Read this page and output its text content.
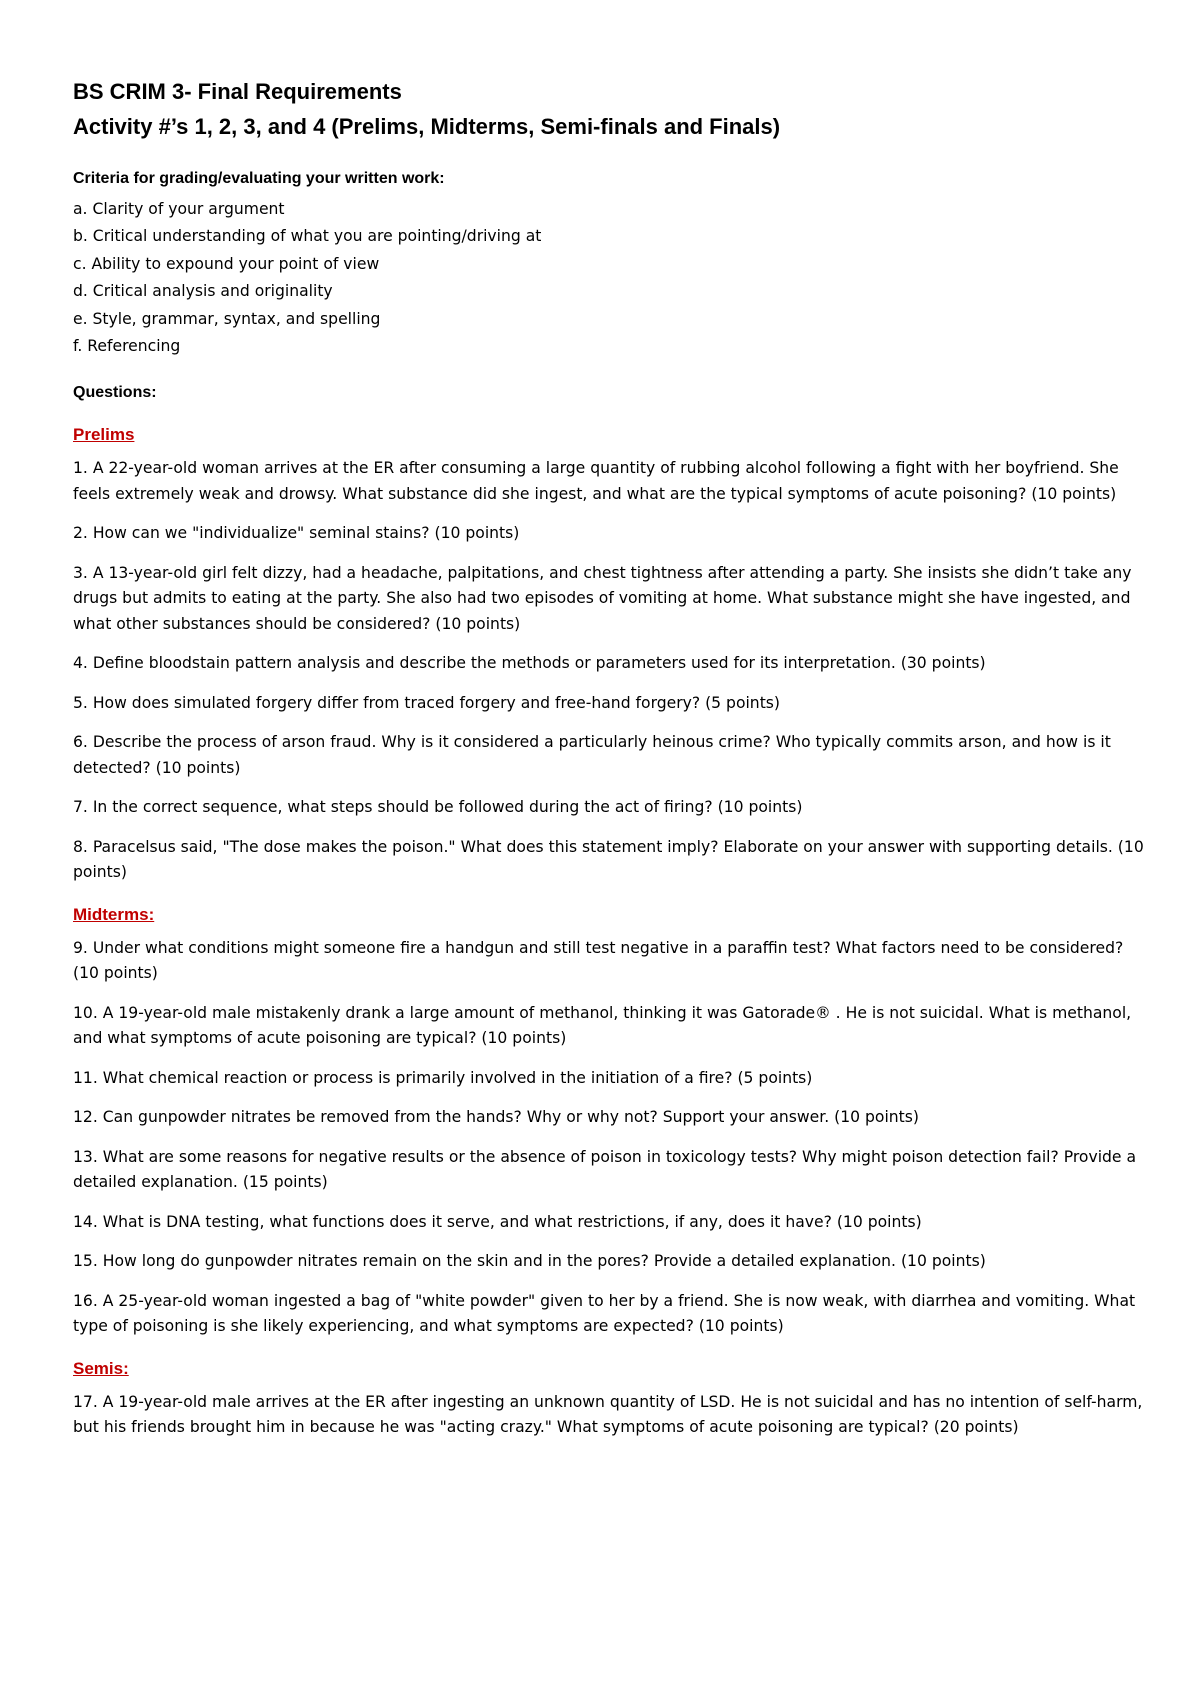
BS CRIM 3- Final Requirements
Activity #’s 1, 2, 3, and 4 (Prelims, Midterms, Semi-finals and Finals)
Criteria for grading/evaluating your written work:
a. Clarity of your argument
b. Critical understanding of what you are pointing/driving at
c. Ability to expound your point of view
d. Critical analysis and originality
e. Style, grammar, syntax, and spelling
f. Referencing
Questions:
Prelims

1. A 22-year-old woman arrives at the ER after consuming a large quantity of rubbing alcohol following a fight with her boyfriend. She feels extremely weak and drowsy. What substance did she ingest, and what are the typical symptoms of acute poisoning? (10 points)

2. How can we "individualize" seminal stains? (10 points)

3. A 13-year-old girl felt dizzy, had a headache, palpitations, and chest tightness after attending a party. She insists she didn’t take any drugs but admits to eating at the party. She also had two episodes of vomiting at home. What substance might she have ingested, and what other substances should be considered? (10 points)

4. Define bloodstain pattern analysis and describe the methods or parameters used for its interpretation. (30 points)

5. How does simulated forgery differ from traced forgery and free-hand forgery? (5 points)

6. Describe the process of arson fraud. Why is it considered a particularly heinous crime? Who typically commits arson, and how is it detected? (10 points)

7. In the correct sequence, what steps should be followed during the act of firing? (10 points)

8. Paracelsus said, "The dose makes the poison." What does this statement imply? Elaborate on your answer with supporting details. (10 points)

Midterms:

9. Under what conditions might someone fire a handgun and still test negative in a paraffin test? What factors need to be considered? (10 points)

10. A 19-year-old male mistakenly drank a large amount of methanol, thinking it was Gatorade® . He is not suicidal. What is methanol, and what symptoms of acute poisoning are typical? (10 points)

11. What chemical reaction or process is primarily involved in the initiation of a fire? (5 points)

12. Can gunpowder nitrates be removed from the hands? Why or why not? Support your answer. (10 points)

13. What are some reasons for negative results or the absence of poison in toxicology tests? Why might poison detection fail? Provide a detailed explanation. (15 points)

14. What is DNA testing, what functions does it serve, and what restrictions, if any, does it have? (10 points)

15. How long do gunpowder nitrates remain on the skin and in the pores? Provide a detailed explanation. (10 points)

16. A 25-year-old woman ingested a bag of "white powder" given to her by a friend. She is now weak, with diarrhea and vomiting. What type of poisoning is she likely experiencing, and what symptoms are expected? (10 points)

Semis:

17. A 19-year-old male arrives at the ER after ingesting an unknown quantity of LSD. He is not suicidal and has no intention of self-harm, but his friends brought him in because he was "acting crazy." What symptoms of acute poisoning are typical? (20 points)
